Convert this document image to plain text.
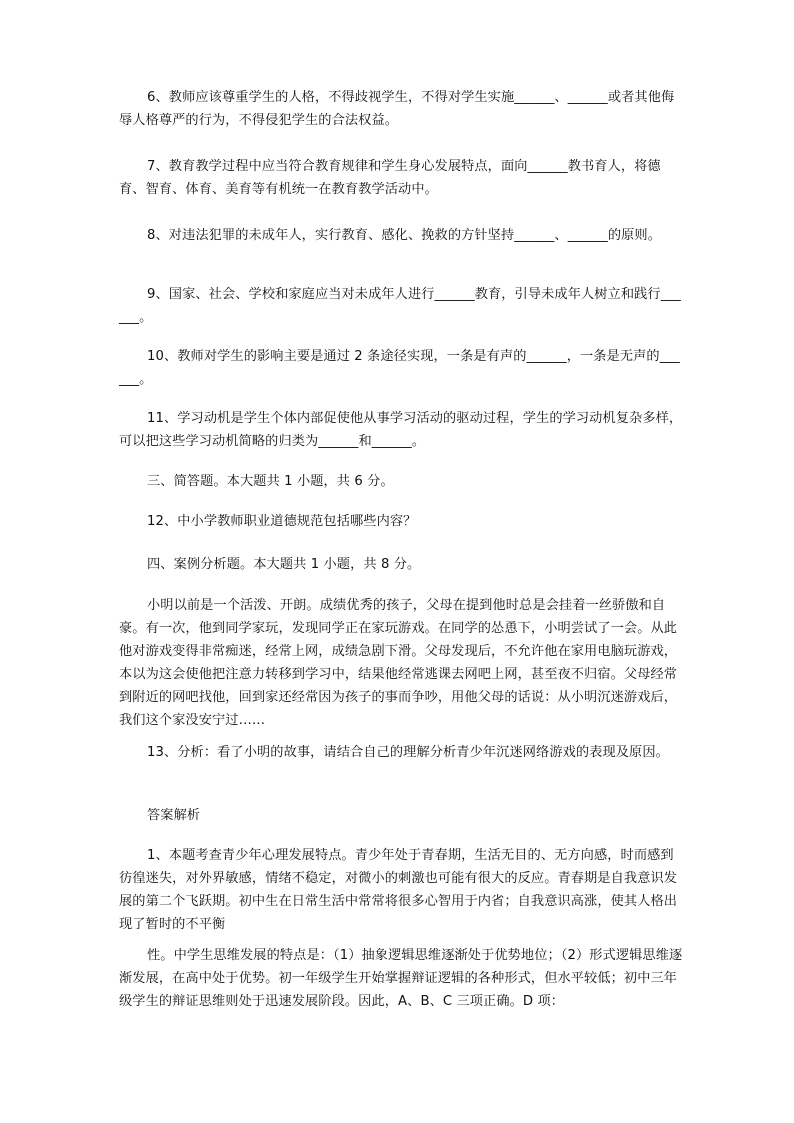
6、教师应该尊重学生的人格，不得歧视学生，不得对学生实施______、______或者其他侮辱人格尊严的行为，不得侵犯学生的合法权益。

7、教育教学过程中应当符合教育规律和学生身心发展特点，面向______教书育人，将德育、智育、体育、美育等有机统一在教育教学活动中。

8、对违法犯罪的未成年人，实行教育、感化、挽救的方针坚持______、______的原则。

9、国家、社会、学校和家庭应当对未成年人进行______教育，引导未成年人树立和践行______。

10、教师对学生的影响主要是通过 2 条途径实现，一条是有声的______，一条是无声的______。

11、学习动机是学生个体内部促使他从事学习活动的驱动过程，学生的学习动机复杂多样，可以把这些学习动机简略的归类为______和______。

三、简答题。本大题共 1 小题，共 6 分。

12、中小学教师职业道德规范包括哪些内容？

四、案例分析题。本大题共 1 小题，共 8 分。

小明以前是一个活泼、开朗。成绩优秀的孩子，父母在提到他时总是会挂着一丝骄傲和自豪。有一次，他到同学家玩，发现同学正在家玩游戏。在同学的怂恿下，小明尝试了一会。从此他对游戏变得非常痴迷，经常上网，成绩急剧下滑。父母发现后，不允许他在家用电脑玩游戏，本以为这会使他把注意力转移到学习中，结果他经常逃课去网吧上网，甚至夜不归宿。父母经常到附近的网吧找他，回到家还经常因为孩子的事而争吵，用他父母的话说：从小明沉迷游戏后，我们这个家没安宁过……

13、分析：看了小明的故事，请结合自己的理解分析青少年沉迷网络游戏的表现及原因。

答案解析

1、本题考查青少年心理发展特点。青少年处于青春期，生活无目的、无方向感，时而感到彷徨迷失，对外界敏感，情绪不稳定，对微小的刺激也可能有很大的反应。青春期是自我意识发展的第二个飞跃期。初中生在日常生活中常常将很多心智用于内省；自我意识高涨，使其人格出现了暂时的不平衡

性。中学生思维发展的特点是：（1）抽象逻辑思维逐渐处于优势地位；（2）形式逻辑思维逐渐发展，在高中处于优势。初一年级学生开始掌握辩证逻辑的各种形式，但水平较低；初中三年级学生的辩证思维则处于迅速发展阶段。因此，A、B、C 三项正确。D 项：
